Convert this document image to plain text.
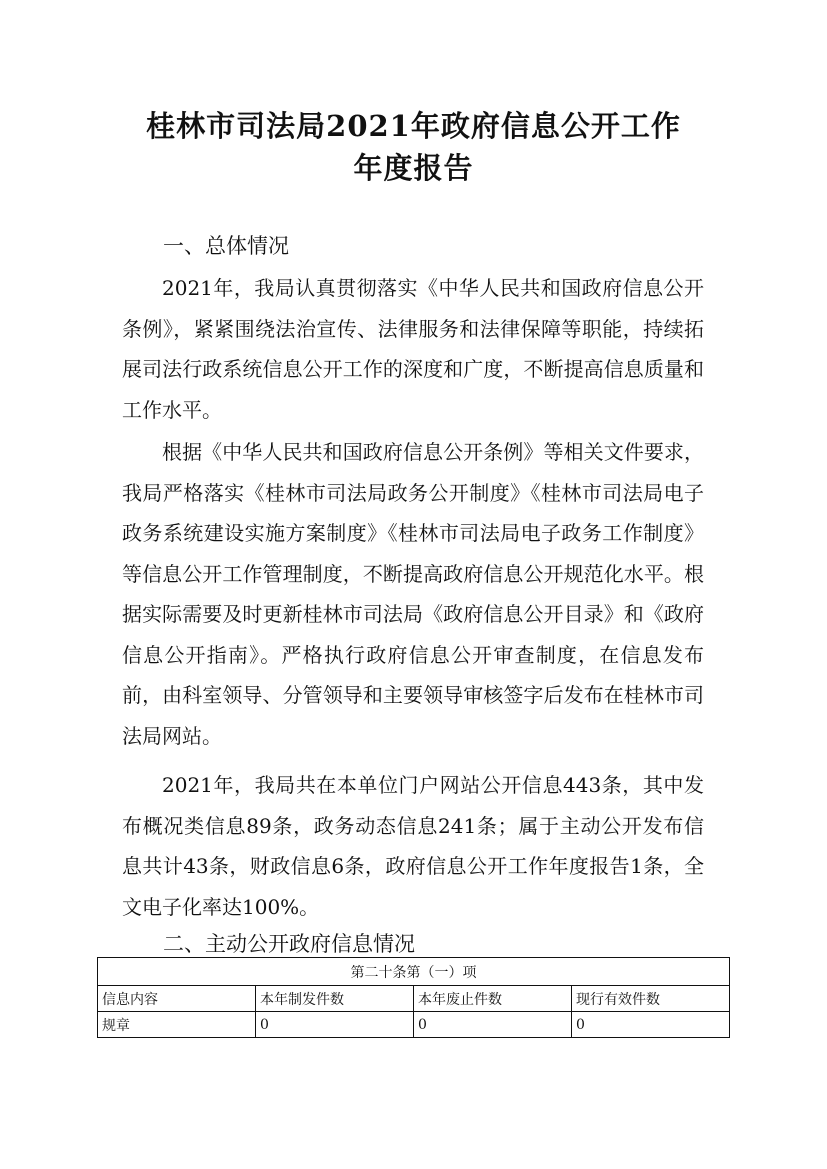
桂林市司法局2021年政府信息公开工作
年度报告
一、总体情况

2021年，我局认真贯彻落实《中华人民共和国政府信息公开条例》，紧紧围绕法治宣传、法律服务和法律保障等职能，持续拓展司法行政系统信息公开工作的深度和广度，不断提高信息质量和工作水平。

根据《中华人民共和国政府信息公开条例》等相关文件要求，我局严格落实《桂林市司法局政务公开制度》《桂林市司法局电子政务系统建设实施方案制度》《桂林市司法局电子政务工作制度》等信息公开工作管理制度，不断提高政府信息公开规范化水平。根据实际需要及时更新桂林市司法局《政府信息公开目录》和《政府信息公开指南》。严格执行政府信息公开审查制度，在信息发布前，由科室领导、分管领导和主要领导审核签字后发布在桂林市司法局网站。

2021年，我局共在本单位门户网站公开信息443条，其中发布概况类信息89条，政务动态信息241条；属于主动公开发布信息共计43条，财政信息6条，政府信息公开工作年度报告1条，全文电子化率达100%。

二、主动公开政府信息情况
第二十条第（一）项			
信息内容	本年制发件数	本年废止件数	现行有效件数
规章	0	0	0
